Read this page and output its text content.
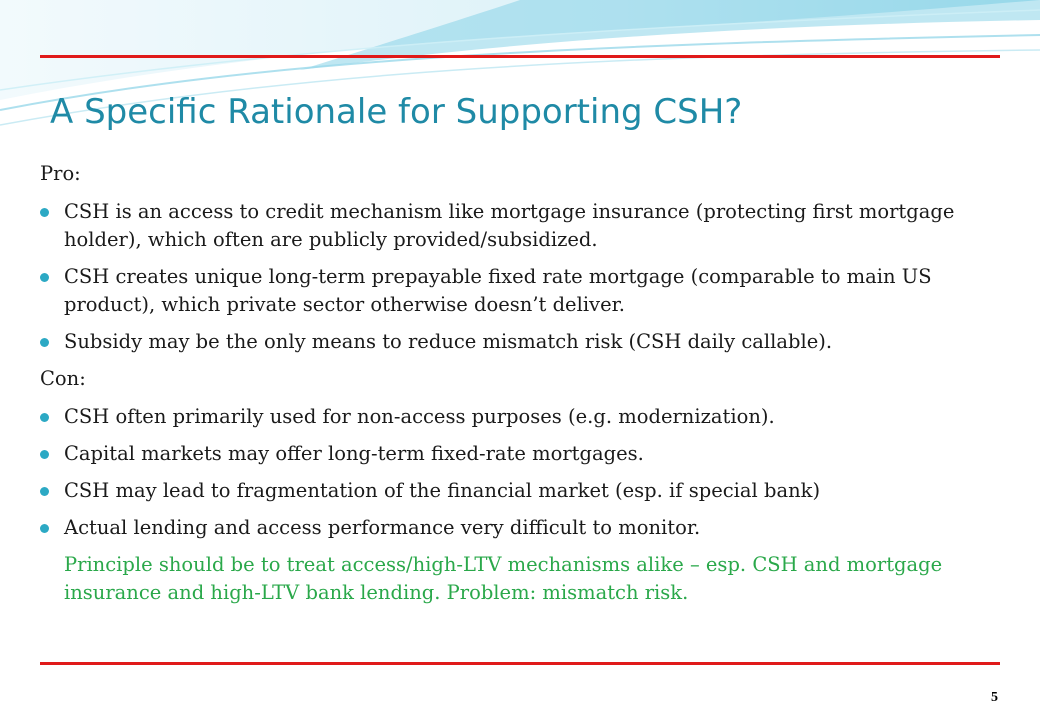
A Specific Rationale for Supporting CSH?

Pro:

CSH is an access to credit mechanism like mortgage insurance (protecting first mortgage holder), which often are publicly provided/subsidized.
CSH creates unique long-term prepayable fixed rate mortgage (comparable to main US product), which private sector otherwise doesn’t deliver.
Subsidy may be the only means to reduce mismatch risk (CSH daily callable).

Con:

CSH often primarily used for non-access purposes (e.g. modernization).
Capital markets may offer long-term fixed-rate mortgages.
CSH may lead to fragmentation of the financial market (esp. if special bank)
Actual lending and access performance very difficult to monitor.
Principle should be to treat access/high-LTV mechanisms alike – esp. CSH and mortgage insurance and high-LTV bank lending. Problem: mismatch risk.
5
